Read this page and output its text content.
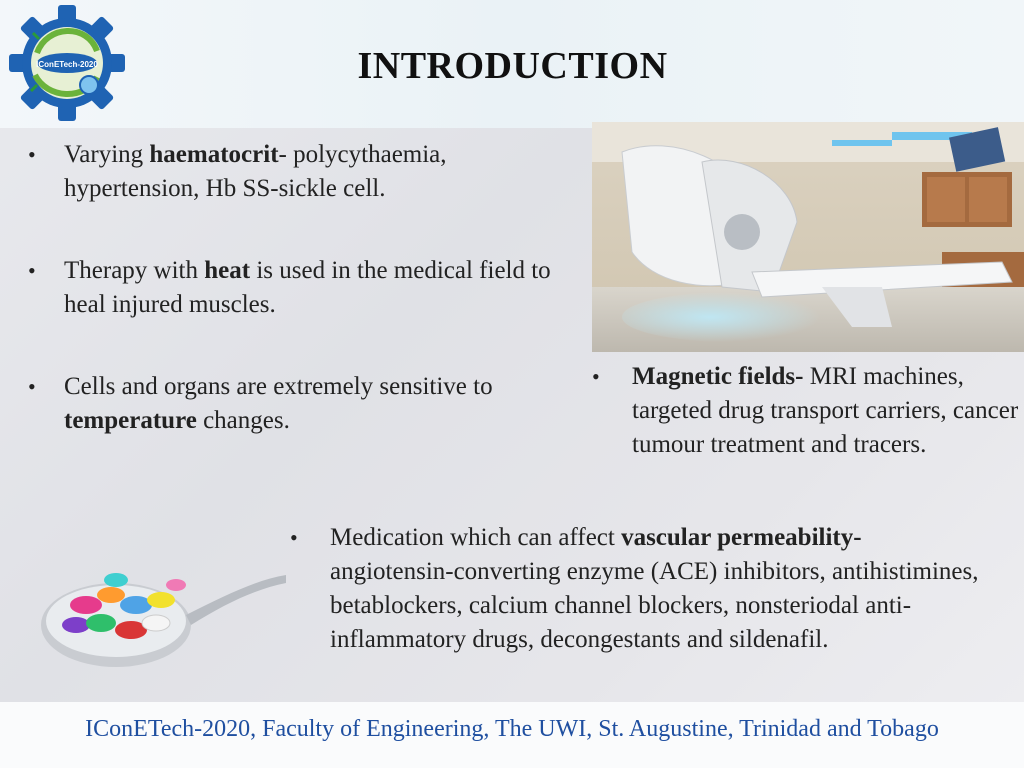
IConETech-2020	INTRODUCTION
• Varying haematocrit- polycythaemia, hypertension, Hb SS-sickle cell.
• Therapy with heat is used in the medical field to heal injured muscles.
• Cells and organs are extremely sensitive to temperature changes.
• Magnetic fields- MRI machines, targeted drug transport carriers, cancer tumour treatment and tracers.
• Medication which can affect vascular permeability- angiotensin-converting enzyme (ACE) inhibitors, antihistimines, betablockers, calcium channel blockers, nonsteriodal anti-inflammatory drugs, decongestants and sildenafil.
IConETech-2020, Faculty of Engineering, The UWI, St. Augustine, Trinidad and Tobago
